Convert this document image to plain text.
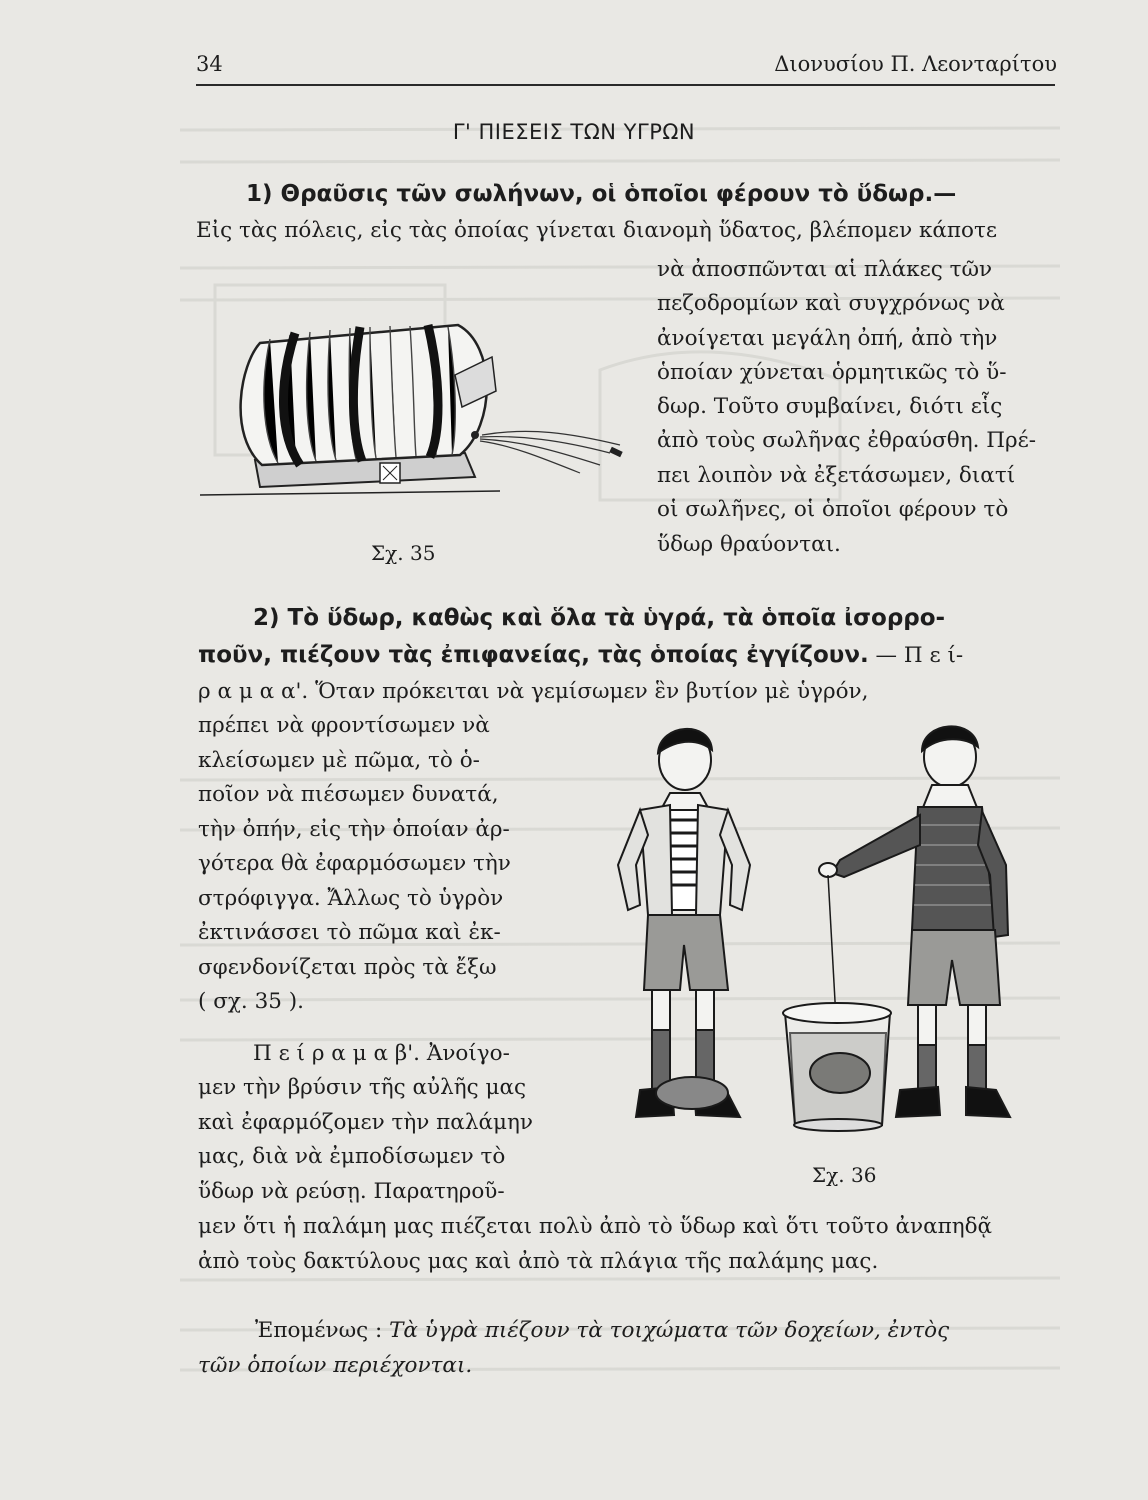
34	Διονυσίου Π. Λεονταρίτου
Γ' ΠΙΕΣΕΙΣ ΤΩΝ ΥΓΡΩΝ
1) Θραῦσις τῶν σωλήνων, οἱ ὁποῖοι φέρουν τὸ ὕδωρ.—
Εἰς τὰς πόλεις, εἰς τὰς ὁποίας γίνεται διανομὴ ὕδατος, βλέπομεν κάποτε
νὰ ἀποσπῶνται αἱ πλάκες τῶν
πεζοδρομίων καὶ συγχρόνως νὰ
ἀνοίγεται μεγάλη ὀπή, ἀπὸ τὴν
ὁποίαν χύνεται ὁρμητικῶς τὸ ὕ-
δωρ. Τοῦτο συμβαίνει, διότι εἷς
ἀπὸ τοὺς σωλῆνας ἐθραύσθη. Πρέ-
πει λοιπὸν νὰ ἐξετάσωμεν, διατί
οἱ σωλῆνες, οἱ ὁποῖοι φέρουν τὸ
ὕδωρ θραύονται.
Σχ. 35
2) Τὸ ὕδωρ, καθὼς καὶ ὅλα τὰ ὑγρά, τὰ ὁποῖα ἰσορρο-
ποῦν, πιέζουν τὰς ἐπιφανείας, τὰς ὁποίας ἐγγίζουν. — Π ε ί-
ρ α μ α α'. Ὅταν πρόκειται νὰ γεμίσωμεν ἓν βυτίον μὲ ὑγρόν,
πρέπει νὰ φροντίσωμεν νὰ
κλείσωμεν μὲ πῶμα, τὸ ὁ-
ποῖον νὰ πιέσωμεν δυνατά,
τὴν ὀπήν, εἰς τὴν ὁποίαν ἀρ-
γότερα θὰ ἐφαρμόσωμεν τὴν
στρόφιγγα. Ἄλλως τὸ ὑγρὸν
ἐκτινάσσει τὸ πῶμα καὶ ἐκ-
σφενδονίζεται πρὸς τὰ ἔξω
( σχ. 35 ).
Π ε ί ρ α μ α β'. Ἀνοίγο-
μεν τὴν βρύσιν τῆς αὐλῆς μας
καὶ ἐφαρμόζομεν τὴν παλάμην
μας, διὰ νὰ ἐμποδίσωμεν τὸ
ὕδωρ νὰ ρεύσῃ. Παρατηροῦ-
μεν ὅτι ἡ παλάμη μας πιέζεται πολὺ ἀπὸ τὸ ὕδωρ καὶ ὅτι τοῦτο ἀναπηδᾷ
ἀπὸ τοὺς δακτύλους μας καὶ ἀπὸ τὰ πλάγια τῆς παλάμης μας.
Σχ. 36
Ἐπομένως : Τὰ ὑγρὰ πιέζουν τὰ τοιχώματα τῶν δοχείων, ἐντὸς
τῶν ὁποίων περιέχονται.
